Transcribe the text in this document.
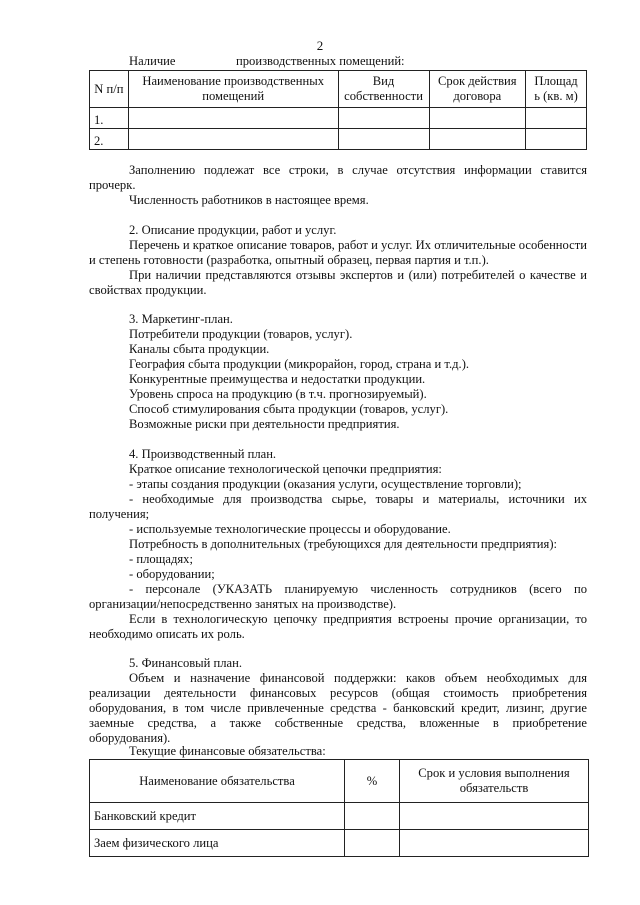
2
Наличие	производственных помещений:
N п/п	Наименование производственных помещений	Вид собственности	Срок действия договора	Площад
ь (кв. м)
1.				
2.				
Заполнению подлежат все строки, в случае отсутствия информации ставится прочерк.
Численность работников в настоящее время.
2. Описание продукции, работ и услуг.
Перечень и краткое описание товаров, работ и услуг. Их отличительные особенности и степень готовности (разработка, опытный образец, первая партия и т.п.).
При наличии представляются отзывы экспертов и (или) потребителей о качестве и свойствах продукции.
3. Маркетинг-план.
Потребители продукции (товаров, услуг).
Каналы сбыта продукции.
География сбыта продукции (микрорайон, город, страна и т.д.).
Конкурентные преимущества и недостатки продукции.
Уровень спроса на продукцию (в т.ч. прогнозируемый).
Способ стимулирования сбыта продукции (товаров, услуг).
Возможные риски при деятельности предприятия.
4. Производственный план.
Краткое описание технологической цепочки предприятия:
- этапы создания продукции (оказания услуги, осуществление торговли);
- необходимые для производства сырье, товары и материалы, источники их получения;
- используемые технологические процессы и оборудование.
Потребность в дополнительных (требующихся для деятельности предприятия):
- площадях;
- оборудовании;
- персонале (УКАЗАТЬ планируемую численность сотрудников (всего по организации/непосредственно занятых на производстве).
Если в технологическую цепочку предприятия встроены прочие организации, то необходимо описать их роль.
5. Финансовый план.
Объем и назначение финансовой поддержки: каков объем необходимых для реализации деятельности финансовых ресурсов (общая стоимость приобретения оборудования, в том числе привлеченные средства - банковский кредит, лизинг, другие заемные средства, а также собственные средства, вложенные в приобретение оборудования).
Текущие финансовые обязательства:
Наименование обязательства	%	Срок и условия выполнения обязательств
Банковский кредит		
Заем физического лица		
